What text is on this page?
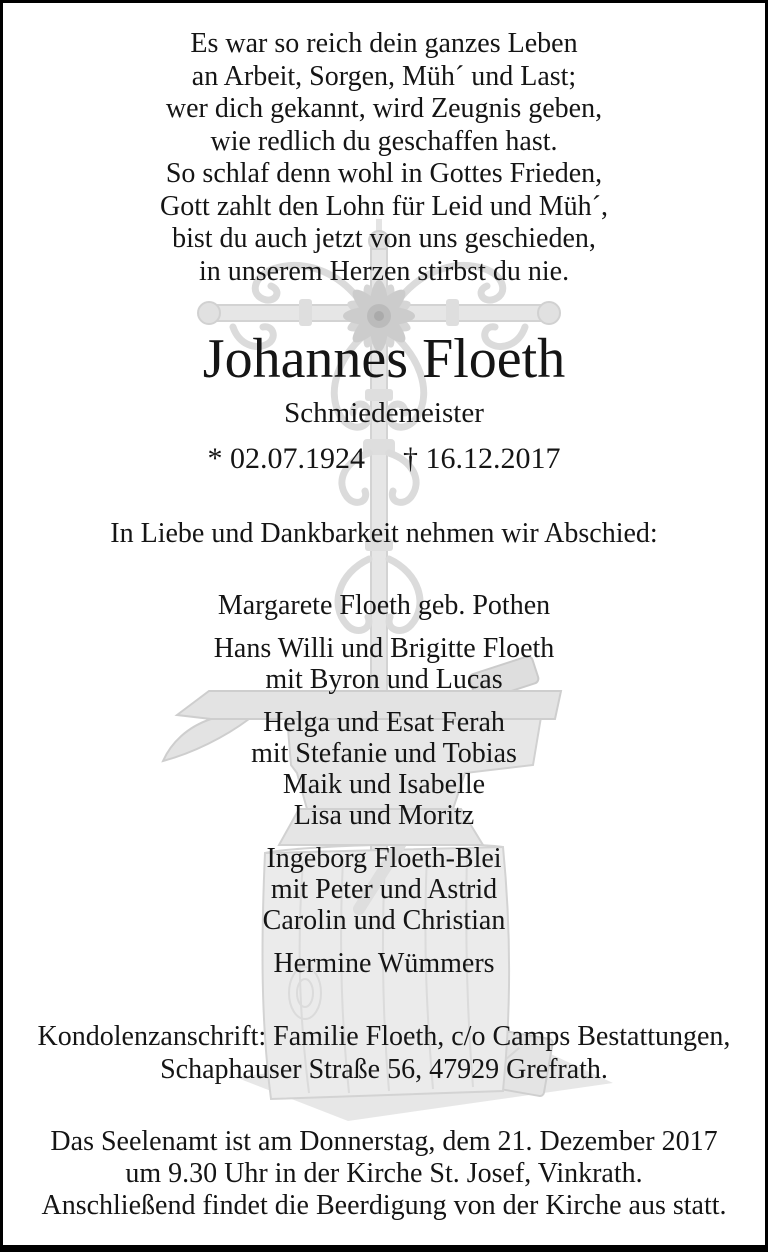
Es war so reich dein ganzes Leben
an Arbeit, Sorgen, Müh´ und Last;
wer dich gekannt, wird Zeugnis geben,
wie redlich du geschaffen hast.
So schlaf denn wohl in Gottes Frieden,
Gott zahlt den Lohn für Leid und Müh´,
bist du auch jetzt von uns geschieden,
in unserem Herzen stirbst du nie.
Johannes Floeth
Schmiedemeister
* 02.07.1924 † 16.12.2017
In Liebe und Dankbarkeit nehmen wir Abschied:
Margarete Floeth geb. Pothen
Hans Willi und Brigitte Floeth
mit Byron und Lucas
Helga und Esat Ferah
mit Stefanie und Tobias
Maik und Isabelle
Lisa und Moritz
Ingeborg Floeth-Blei
mit Peter und Astrid
Carolin und Christian
Hermine Wümmers
Kondolenzanschrift: Familie Floeth, c/o Camps Bestattungen,
Schaphauser Straße 56, 47929 Grefrath.
Das Seelenamt ist am Donnerstag, dem 21. Dezember 2017
um 9.30 Uhr in der Kirche St. Josef, Vinkrath.
Anschließend findet die Beerdigung von der Kirche aus statt.
